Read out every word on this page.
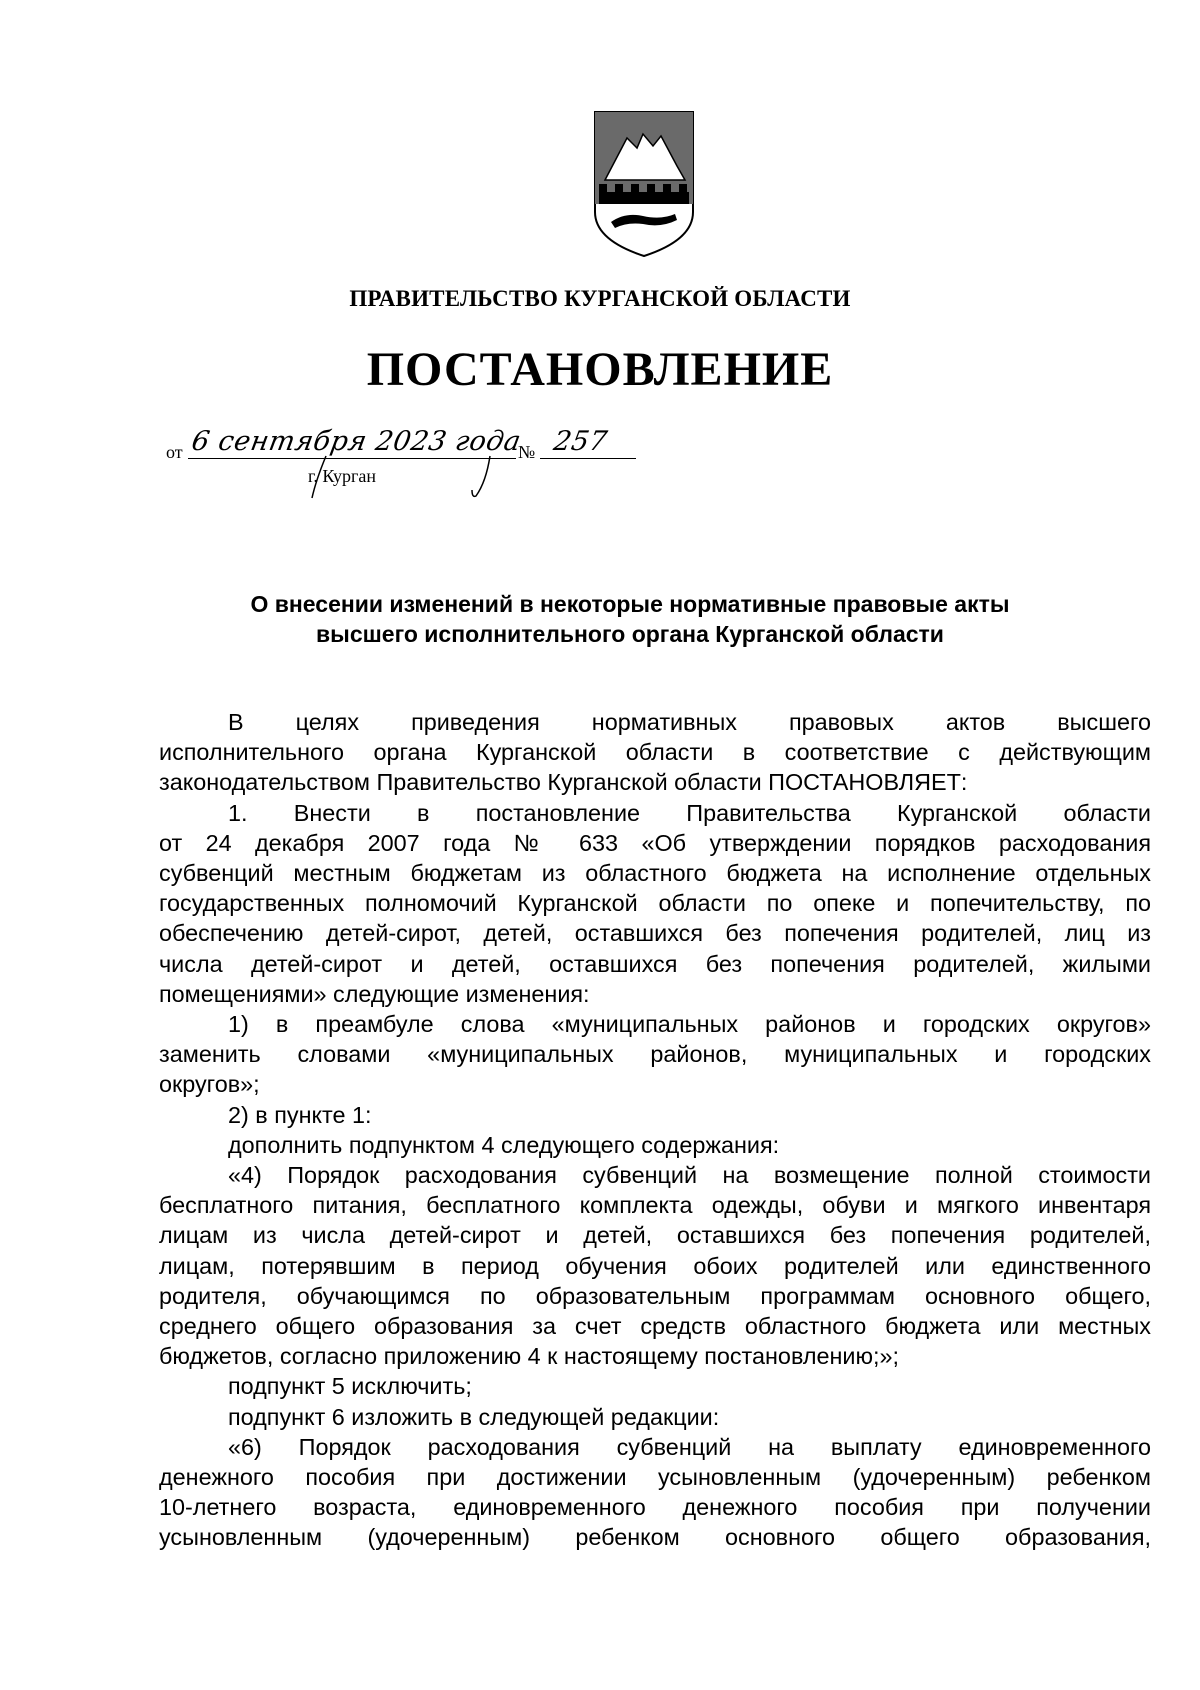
ПРАВИТЕЛЬСТВО КУРГАНСКОЙ ОБЛАСТИ
ПОСТАНОВЛЕНИЕ
от 6 сентября 2023 года
№ 257
г. Курган
О внесении изменений в некоторые нормативные правовые акты
высшего исполнительного органа Курганской области

В целях приведения нормативных правовых актов высшего

исполнительного органа Курганской области в соответствие с действующим

законодательством Правительство Курганской области ПОСТАНОВЛЯЕТ:

1. Внести в постановление Правительства Курганской области

от 24 декабря 2007 года № 633 «Об утверждении порядков расходования

субвенций местным бюджетам из областного бюджета на исполнение отдельных

государственных полномочий Курганской области по опеке и попечительству, по

обеспечению детей-сирот, детей, оставшихся без попечения родителей, лиц из

числа детей-сирот и детей, оставшихся без попечения родителей, жилыми

помещениями» следующие изменения:

1) в преамбуле слова «муниципальных районов и городских округов»

заменить словами «муниципальных районов, муниципальных и городских

округов»;

2) в пункте 1:

дополнить подпунктом 4 следующего содержания:

«4) Порядок расходования субвенций на возмещение полной стоимости

бесплатного питания, бесплатного комплекта одежды, обуви и мягкого инвентаря

лицам из числа детей-сирот и детей, оставшихся без попечения родителей,

лицам, потерявшим в период обучения обоих родителей или единственного

родителя, обучающимся по образовательным программам основного общего,

среднего общего образования за счет средств областного бюджета или местных

бюджетов, согласно приложению 4 к настоящему постановлению;»;

подпункт 5 исключить;

подпункт 6 изложить в следующей редакции:

«6) Порядок расходования субвенций на выплату единовременного

денежного пособия при достижении усыновленным (удочеренным) ребенком

10-летнего возраста, единовременного денежного пособия при получении

усыновленным (удочеренным) ребенком основного общего образования,
